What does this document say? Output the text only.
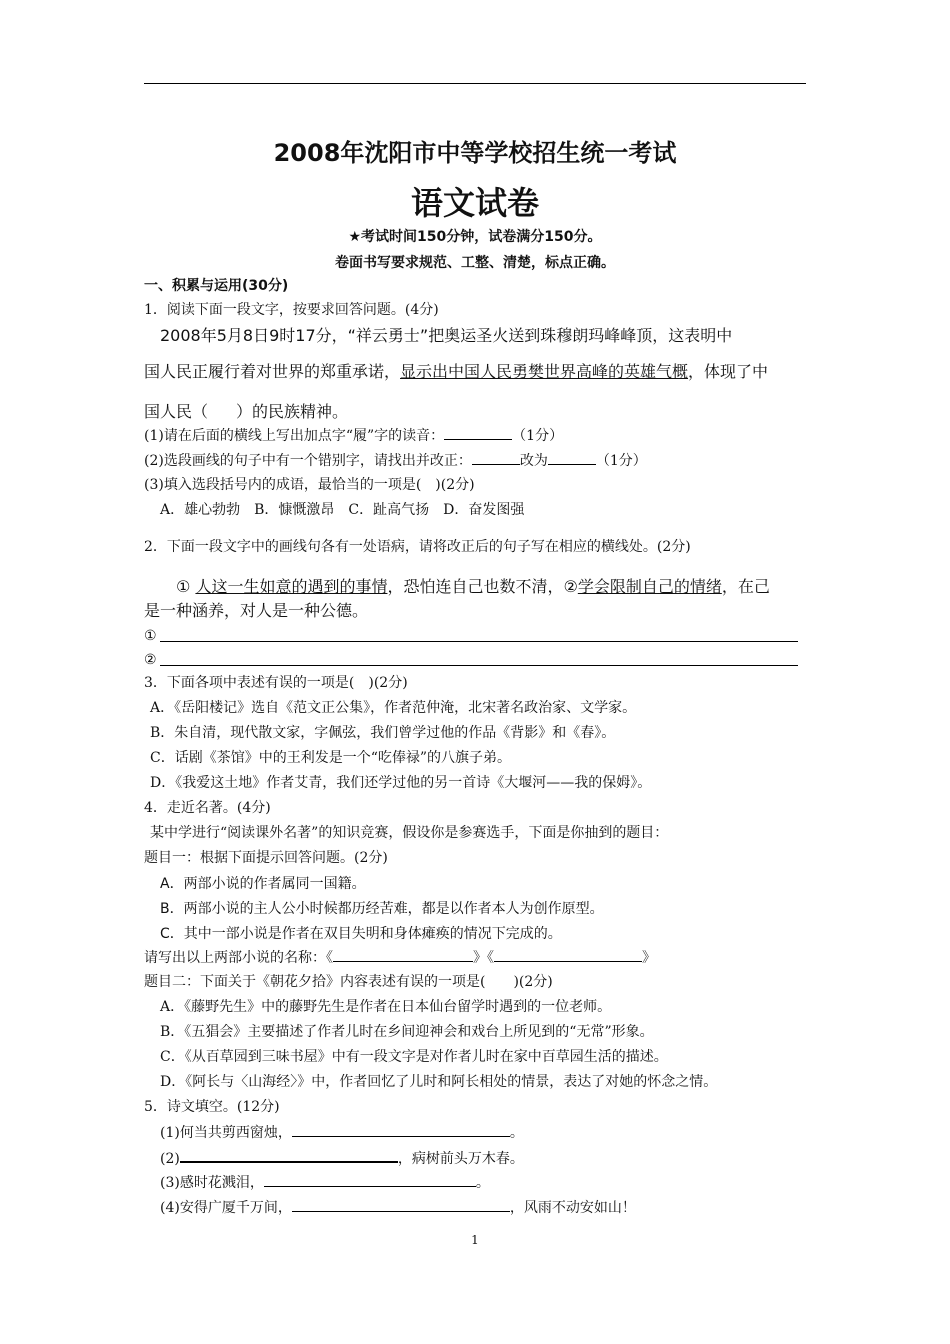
2008年沈阳市中等学校招生统一考试
语文试卷
★考试时间150分钟，试卷满分150分。
卷面书写要求规范、工整、清楚，标点正确。
一、积累与运用(30分)
1．阅读下面一段文字，按要求回答问题。(4分)
2008年5月8日9时17分，“祥云勇士”把奥运圣火送到珠穆朗玛峰峰顶，这表明中
国人民正履行着对世界的郑重承诺，显示出中国人民勇樊世界高峰的英雄气概，体现了中
国人民（ ）的民族精神。
(1)请在后面的横线上写出加点字“履”字的读音：	（1分）
(2)选段画线的句子中有一个错别字，请找出并改正：	改为	（1分）
(3)填入选段括号内的成语，最恰当的一项是(　)(2分)
A．雄心勃勃　B．慷慨激昂　C．趾高气扬　D．奋发图强
2．下面一段文字中的画线句各有一处语病，请将改正后的句子写在相应的横线处。(2分)
① 人这一生如意的遇到的事情，恐怕连自己也数不清，②学会限制自己的情绪，在己
是一种涵养，对人是一种公德。
①
②
3．下面各项中表述有误的一项是(　)(2分)
A．《岳阳楼记》选自《范文正公集》，作者范仲淹，北宋著名政治家、文学家。
B．朱自清，现代散文家，字佩弦，我们曾学过他的作品《背影》和《春》。
C．话剧《茶馆》中的王利发是一个“吃俸禄”的八旗子弟。
D．《我爱这土地》作者艾青，我们还学过他的另一首诗《大堰河——我的保姆》。
4．走近名著。(4分)
某中学进行“阅读课外名著”的知识竞赛，假设你是参赛选手，下面是你抽到的题目：
题目一：根据下面提示回答问题。(2分)
A．两部小说的作者属同一国籍。
B．两部小说的主人公小时候都历经苦难，都是以作者本人为创作原型。
C．其中一部小说是作者在双目失明和身体瘫痪的情况下完成的。
请写出以上两部小说的名称：《	》《	》
题目二：下面关于《朝花夕拾》内容表述有误的一项是(　　)(2分)
A．《藤野先生》中的藤野先生是作者在日本仙台留学时遇到的一位老师。
B．《五猖会》主要描述了作者儿时在乡间迎神会和戏台上所见到的“无常”形象。
C．《从百草园到三味书屋》中有一段文字是对作者儿时在家中百草园生活的描述。
D．《阿长与〈山海经〉》中，作者回忆了儿时和阿长相处的情景，表达了对她的怀念之情。
5．诗文填空。(12分)
(1)何当共剪西窗烛，	。
(2)	，病树前头万木春。
(3)感时花溅泪，	。
(4)安得广厦千万间，	，风雨不动安如山！
1
